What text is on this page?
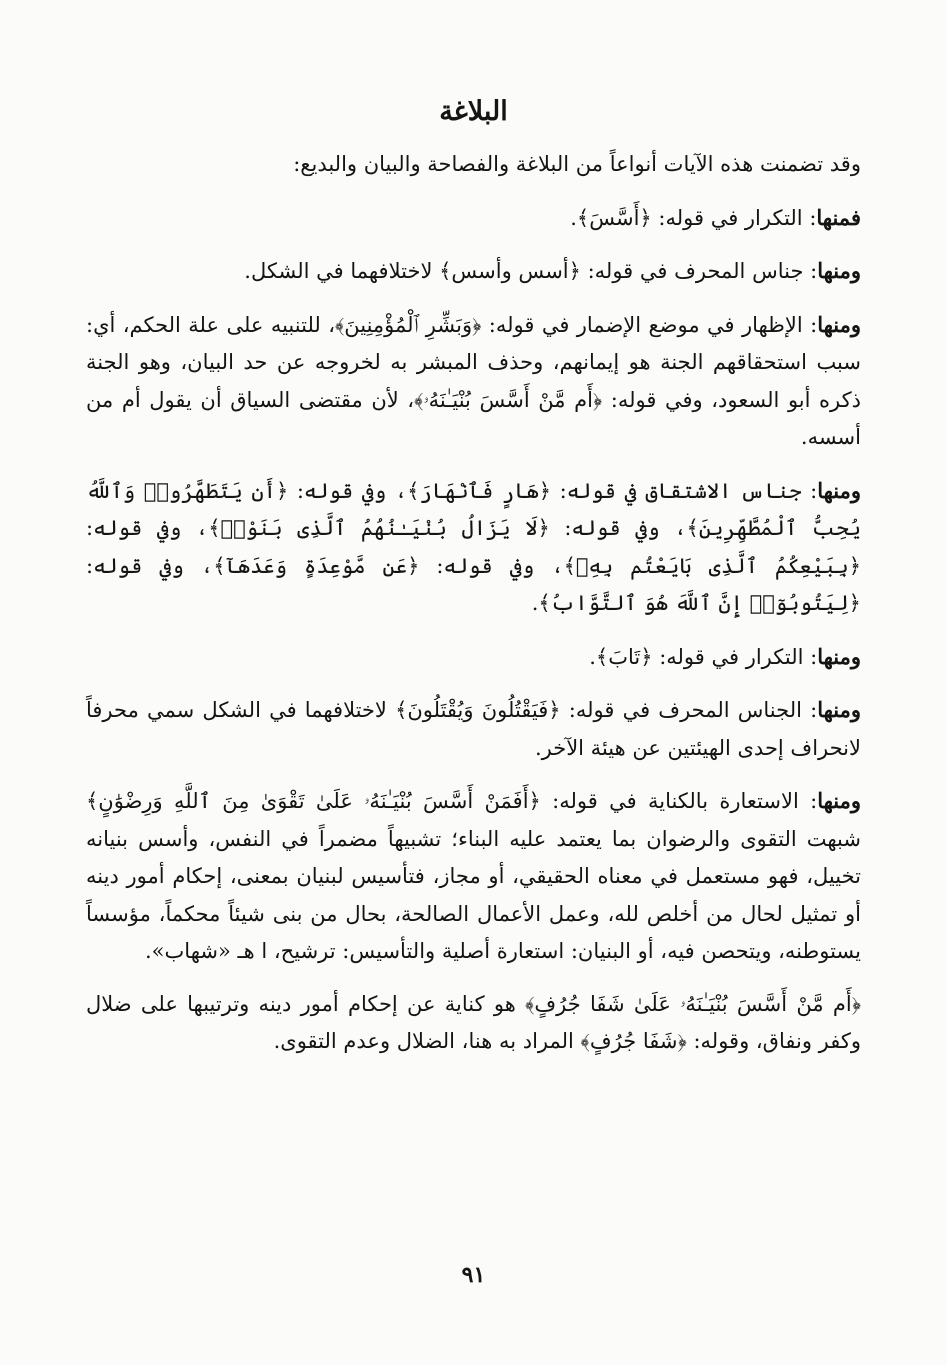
البلاغة

وقد تضمنت هذه الآيات أنواعاً من البلاغة والفصاحة والبيان والبديع:

فمنها: التكرار في قوله: ﴿أَسَّسَ﴾.

ومنها: جناس المحرف في قوله: ﴿أسس وأسس﴾ لاختلافهما في الشكل.

ومنها: الإظهار في موضع الإضمار في قوله: ﴿وَبَشِّرِ ٱلْمُؤْمِنِينَ﴾، للتنبيه على علة الحكم، أي: سبب استحقاقهم الجنة هو إيمانهم، وحذف المبشر به لخروجه عن حد البيان، وهو الجنة ذكره أبو السعود، وفي قوله: ﴿أَم مَّنْ أَسَّسَ بُنْيَـٰنَهُۥ﴾، لأن مقتضى السياق أن يقول أم من أسسه.

ومنها: جناس الاشتقاق في قوله: ﴿هَارٍ فَٱنْهَارَ﴾، وفي قوله: ﴿أَن يَتَطَهَّرُوا۟ وَٱللَّهُ يُحِبُّ ٱلْمُطَّهِّرِينَ﴾، وفي قوله: ﴿لَا يَزَالُ بُنْيَـٰنُهُمُ ٱلَّذِى بَنَوْا۟﴾، وفي قوله: ﴿بِبَيْعِكُمُ ٱلَّذِى بَايَعْتُم بِهِۦ﴾، وفي قوله: ﴿عَن مَّوْعِدَةٍ وَعَدَهَآ﴾، وفي قوله: ﴿لِيَتُوبُوٓا۟ إِنَّ ٱللَّهَ هُوَ ٱلتَّوَّابُ﴾.

ومنها: التكرار في قوله: ﴿تَابَ﴾.

ومنها: الجناس المحرف في قوله: ﴿فَيَقْتُلُونَ وَيُقْتَلُونَ﴾ لاختلافهما في الشكل سمي محرفاً لانحراف إحدى الهيئتين عن هيئة الآخر.

ومنها: الاستعارة بالكناية في قوله: ﴿أَفَمَنْ أَسَّسَ بُنْيَـٰنَهُۥ عَلَىٰ تَقْوَىٰ مِنَ ٱللَّهِ وَرِضْوَٰنٍ﴾ شبهت التقوى والرضوان بما يعتمد عليه البناء؛ تشبيهاً مضمراً في النفس، وأسس بنيانه تخييل، فهو مستعمل في معناه الحقيقي، أو مجاز، فتأسيس لبنيان بمعنى، إحكام أمور دينه أو تمثيل لحال من أخلص لله، وعمل الأعمال الصالحة، بحال من بنى شيئاً محكماً، مؤسساً يستوطنه، ويتحصن فيه، أو البنيان: استعارة أصلية والتأسيس: ترشيح، ا هـ «شهاب».

﴿أَم مَّنْ أَسَّسَ بُنْيَـٰنَهُۥ عَلَىٰ شَفَا جُرُفٍ﴾ هو كناية عن إحكام أمور دينه وترتيبها على ضلال وكفر ونفاق، وقوله: ﴿شَفَا جُرُفٍ﴾ المراد به هنا، الضلال وعدم التقوى.

٩١
